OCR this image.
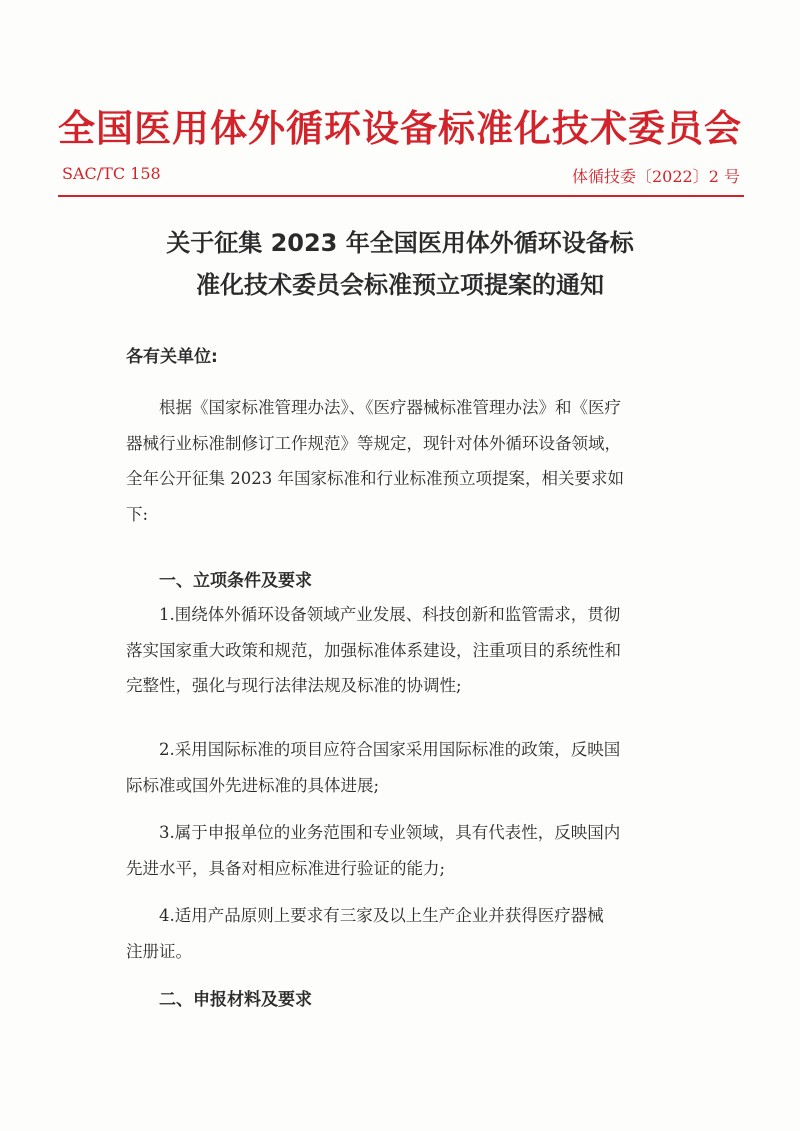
全国医用体外循环设备标准化技术委员会
SAC/TC 158	体循技委〔2022〕2 号
关于征集 2023 年全国医用体外循环设备标
准化技术委员会标准预立项提案的通知
各有关单位:
根据《国家标准管理办法》、《医疗器械标准管理办法》和《医疗
器械行业标准制修订工作规范》等规定，现针对体外循环设备领域，
全年公开征集 2023 年国家标准和行业标准预立项提案，相关要求如
下:
一、立项条件及要求
1.围绕体外循环设备领域产业发展、科技创新和监管需求，贯彻
落实国家重大政策和规范，加强标准体系建设，注重项目的系统性和
完整性，强化与现行法律法规及标准的协调性;
2.采用国际标准的项目应符合国家采用国际标准的政策，反映国
际标准或国外先进标准的具体进展;
3.属于申报单位的业务范围和专业领域，具有代表性，反映国内
先进水平，具备对相应标准进行验证的能力;
4.适用产品原则上要求有三家及以上生产企业并获得医疗器械
注册证。
二、申报材料及要求
